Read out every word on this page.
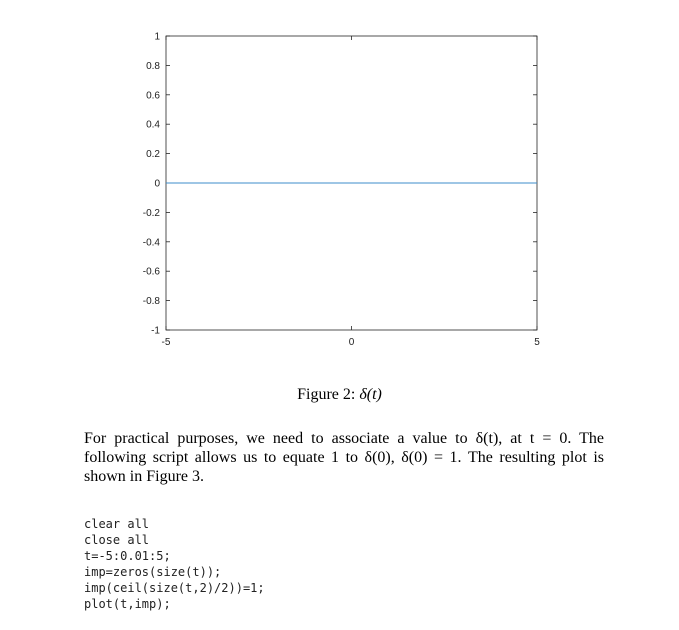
1
0.8
0.6
0.4
0.2
0
-0.2
-0.4
-0.6
-0.8
-1
-5	0	5
Figure 2: δ(t)
For practical purposes, we need to associate a value to δ(t), at t = 0. The following script allows us to equate 1 to δ(0), δ(0) = 1. The resulting plot is shown in Figure 3.
clear all
close all
t=-5:0.01:5;
imp=zeros(size(t));
imp(ceil(size(t,2)/2))=1;
plot(t,imp);
